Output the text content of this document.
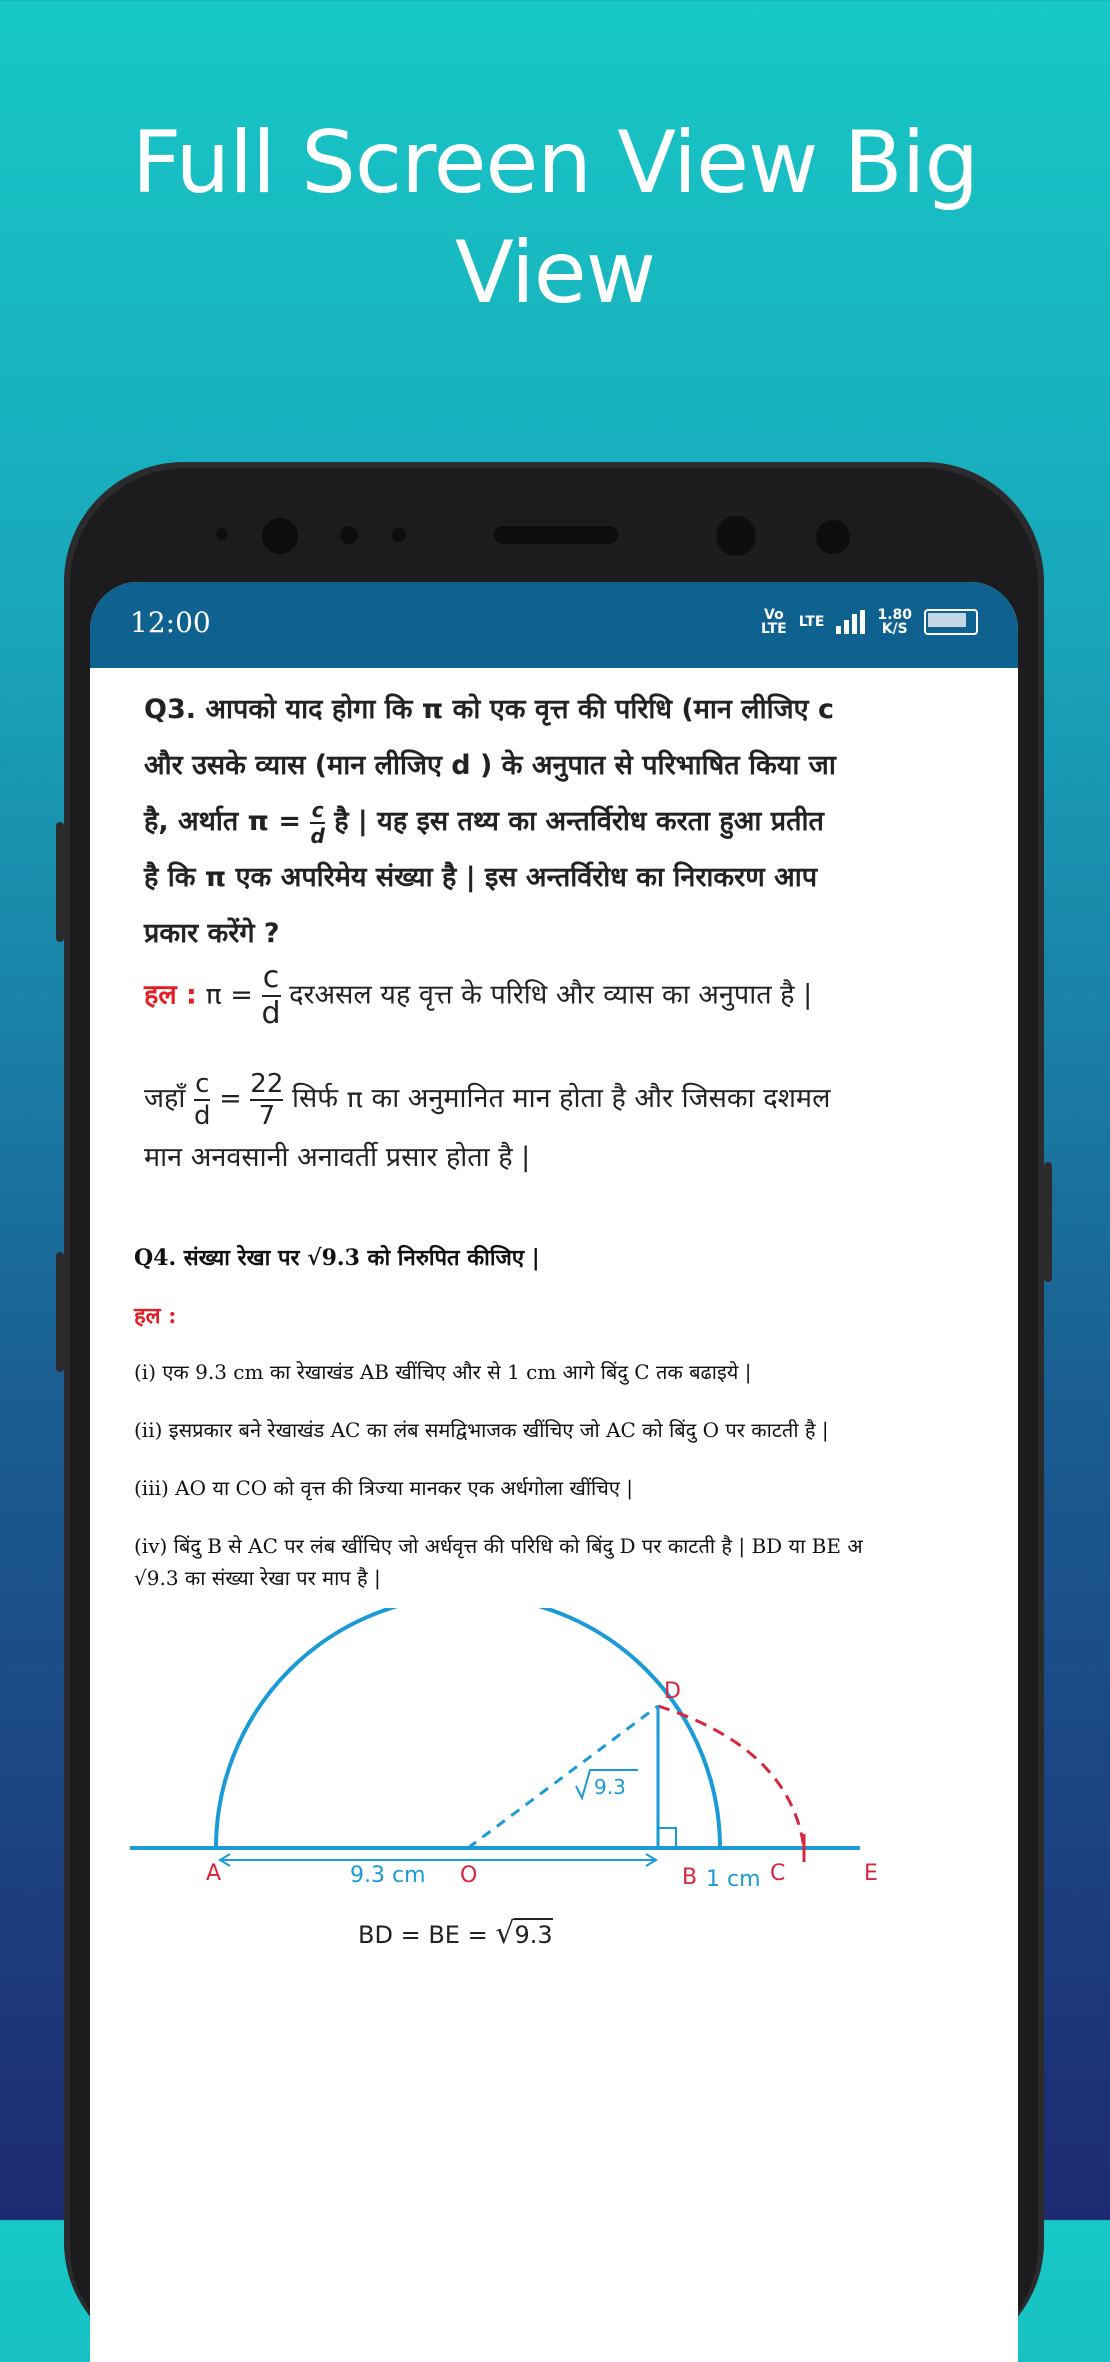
Full Screen View Big
View
12:00	Vo
LTE LTE	1.80
K/S
Q3. आपको याद होगा कि π को एक वृत्त की परिधि (मान लीजिए c
और उसके व्यास (मान लीजिए d ) के अनुपात से परिभाषित किया जा
है, अर्थात $\pi = \frac{c}{d}$ है | यह इस तथ्य का अन्तर्विरोध करता हुआ प्रतीत
है कि π एक अपरिमेय संख्या है | इस अन्तर्विरोध का निराकरण आप
प्रकार करेंगे ?
हल : $\pi = \frac{c}{d}$ दरअसल यह वृत्त के परिधि और व्यास का अनुपात है |
जहाँ $\frac{c}{d} = \frac{22}{7}$ सिर्फ π का अनुमानित मान होता है और जिसका दशमल
मान अनवसानी अनावर्ती प्रसार होता है |
Q4. संख्या रेखा पर √9.3 को निरुपित कीजिए |
हल :
(i) एक 9.3 cm का रेखाखंड AB खींचिए और से 1 cm आगे बिंदु C तक बढाइये |
(ii) इसप्रकार बने रेखाखंड AC का लंब समद्विभाजक खींचिए जो AC को बिंदु O पर काटती है |
(iii) AO या CO को वृत्त की त्रिज्या मानकर एक अर्धगोला खींचिए |
(iv) बिंदु B से AC पर लंब खींचिए जो अर्धवृत्त की परिधि को बिंदु D पर काटती है | BD या BE अ
√9.3 का संख्या रेखा पर माप है |
A	O	B	C
D
E
9.3 cm	1 cm
9.3
BD = BE = √9.3
